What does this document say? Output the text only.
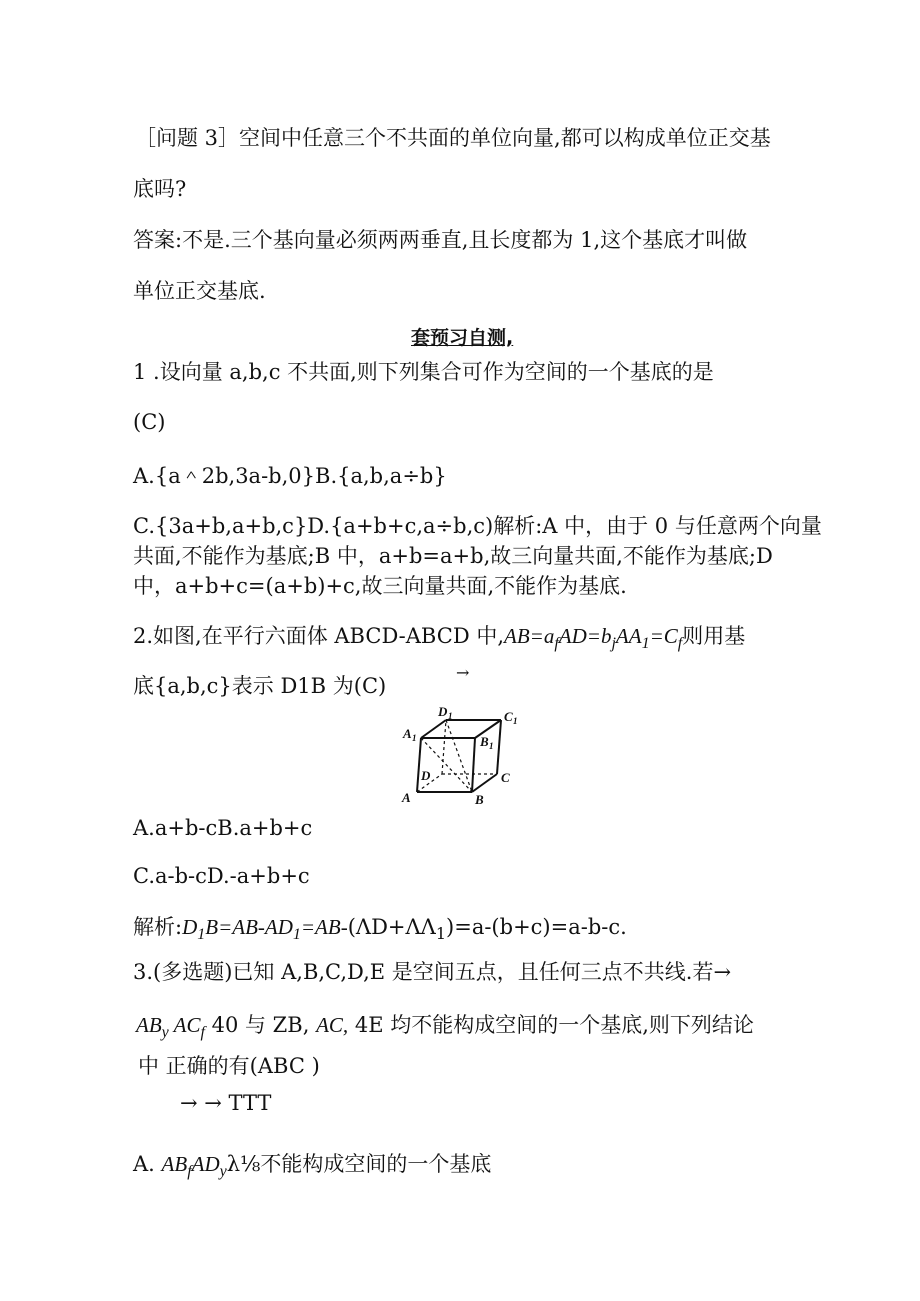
［问题 3］空间中任意三个不共面的单位向量,都可以构成单位正交基
底吗?
答案:不是.三个基向量必须两两垂直,且长度都为 1,这个基底才叫做
单位正交基底.
套预习自测,
1 .设向量 a,b,c 不共面,则下列集合可作为空间的一个基底的是
(C)
A.{a＾2b,3a-b,0}B.{a,b,a÷b}
C.{3a+b,a+b,c}D.{a+b+c,a÷b,c)解析:A 中，由于 0 与任意两个向量
共面,不能作为基底;B 中，a+b=a+b,故三向量共面,不能作为基底;D
中，a+b+c=(a+b)+c,故三向量共面,不能作为基底.
2.如图,在平行六面体 ABCD-ABCD 中$,AB=a_fAD=b_jAA_1=C_f$则用基
→
底{a,b,c}表示 D1B 为(C)
D 1	C 1
A 1	B 1
D	C
A	B
A.a+b-cB.a+b+c
C.a-b-cD.-a+b+c
解析$:D_1B=AB-AD_1=AB-(\Lambda D+\Lambda\Lambda_1)=a-(b+c)=a-b-c$.
3.(多选题)已知 A,B,C,D,E 是空间五点，且任何三点不共线.若→
$AB_y$ $AC_f$ 40 与 ZB, AC, 4E 均不能构成空间的一个基底,则下列结论
中 正确的有(ABC )
→ → TTT
A. $AB_fAD_y\lambda\frac{1}{8}$不能构成空间的一个基底
